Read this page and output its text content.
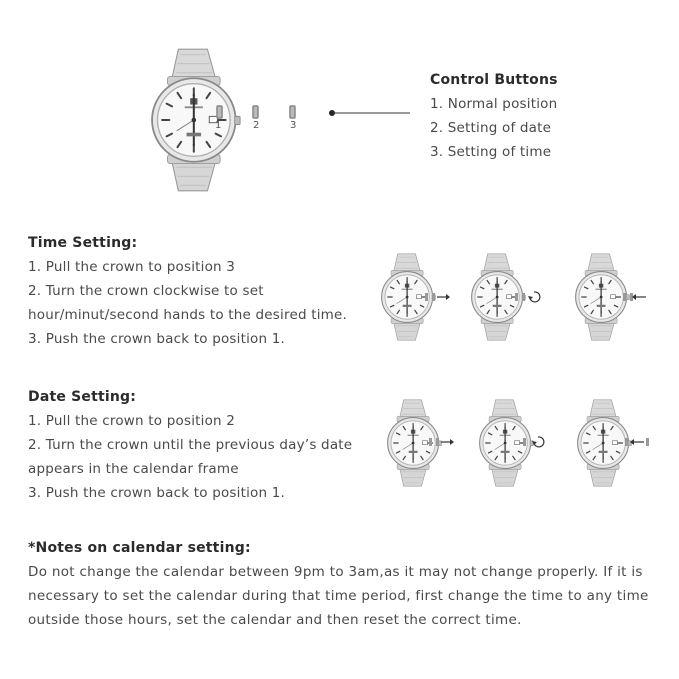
1	2	3
Control Buttons
1. Normal position
2. Setting of date
3. Setting of time
Time Setting:
1. Pull the crown to position 3
2. Turn the crown clockwise to set
hour/minut/second hands to the desired time.
3. Push the crown back to position 1.
Date Setting:
1. Pull the crown to position 2
2. Turn the crown until the previous day’s date
appears in the calendar frame
3. Push the crown back to position 1.
*Notes on calendar setting:
Do not change the calendar between 9pm to 3am,as it may not change properly. If it is
necessary to set the calendar during that time period, first change the time to any time
outside those hours, set the calendar and then reset the correct time.
